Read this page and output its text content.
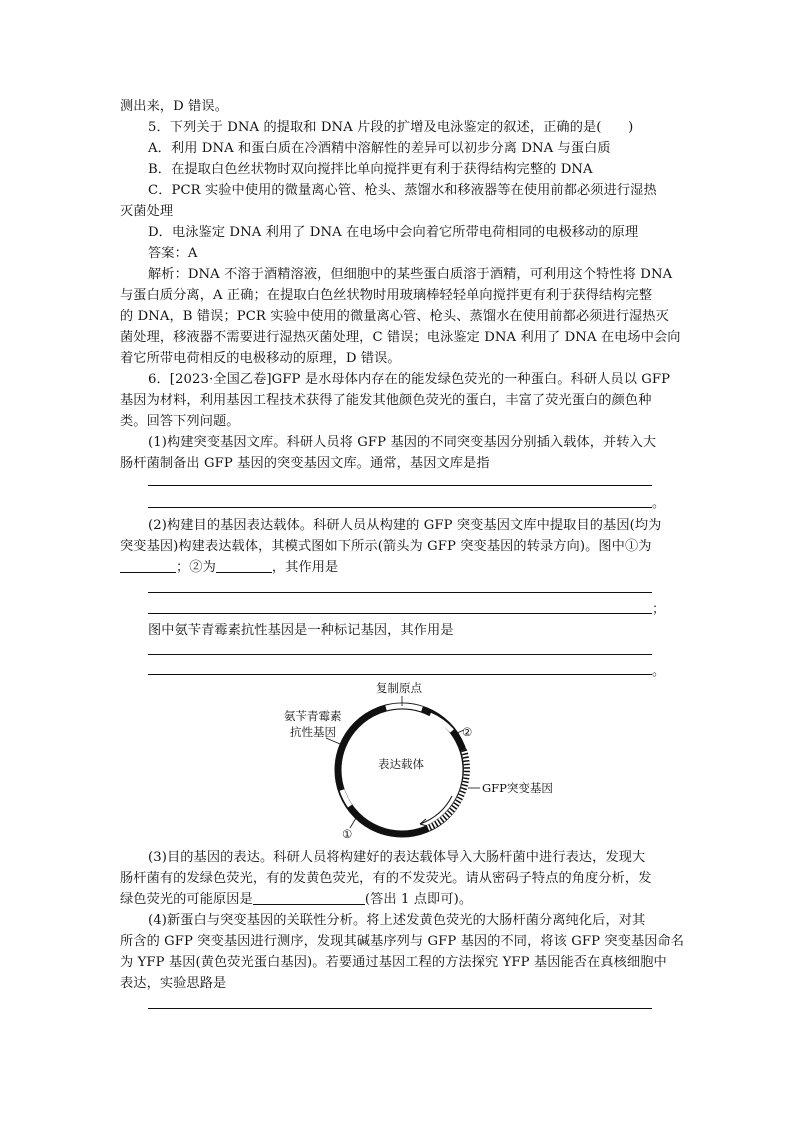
测出来，D 错误。
5．下列关于 DNA 的提取和 DNA 片段的扩增及电泳鉴定的叙述，正确的是(　　)
A．利用 DNA 和蛋白质在冷酒精中溶解性的差异可以初步分离 DNA 与蛋白质
B．在提取白色丝状物时双向搅拌比单向搅拌更有利于获得结构完整的 DNA
C．PCR 实验中使用的微量离心管、枪头、蒸馏水和移液器等在使用前都必须进行湿热
灭菌处理
D．电泳鉴定 DNA 利用了 DNA 在电场中会向着它所带电荷相同的电极移动的原理
答案：A
解析：DNA 不溶于酒精溶液，但细胞中的某些蛋白质溶于酒精，可利用这个特性将 DNA
与蛋白质分离，A 正确；在提取白色丝状物时用玻璃棒轻轻单向搅拌更有利于获得结构完整
的 DNA，B 错误；PCR 实验中使用的微量离心管、枪头、蒸馏水在使用前都必须进行湿热灭
菌处理，移液器不需要进行湿热灭菌处理，C 错误；电泳鉴定 DNA 利用了 DNA 在电场中会向
着它所带电荷相反的电极移动的原理，D 错误。
6．[2023·全国乙卷]GFP 是水母体内存在的能发绿色荧光的一种蛋白。科研人员以 GFP
基因为材料，利用基因工程技术获得了能发其他颜色荧光的蛋白，丰富了荧光蛋白的颜色种
类。回答下列问题。
(1)构建突变基因文库。科研人员将 GFP 基因的不同突变基因分别插入载体，并转入大
肠杆菌制备出 GFP 基因的突变基因文库。通常，基因文库是指
。
(2)构建目的基因表达载体。科研人员从构建的 GFP 突变基因文库中提取目的基因(均为
突变基因)构建表达载体，其模式图如下所示(箭头为 GFP 突变基因的转录方向)。图中①为
；②为	，其作用是
；
图中氨苄青霉素抗性基因是一种标记基因，其作用是
。
表达载体
复制原点
氨苄青霉素
抗性基因
GFP突变基因
②
①
(3)目的基因的表达。科研人员将构建好的表达载体导入大肠杆菌中进行表达，发现大
肠杆菌有的发绿色荧光，有的发黄色荧光，有的不发荧光。请从密码子特点的角度分析，发
绿色荧光的可能原因是	(答出 1 点即可)。
(4)新蛋白与突变基因的关联性分析。将上述发黄色荧光的大肠杆菌分离纯化后，对其
所含的 GFP 突变基因进行测序，发现其碱基序列与 GFP 基因的不同，将该 GFP 突变基因命名
为 YFP 基因(黄色荧光蛋白基因)。若要通过基因工程的方法探究 YFP 基因能否在真核细胞中
表达，实验思路是
